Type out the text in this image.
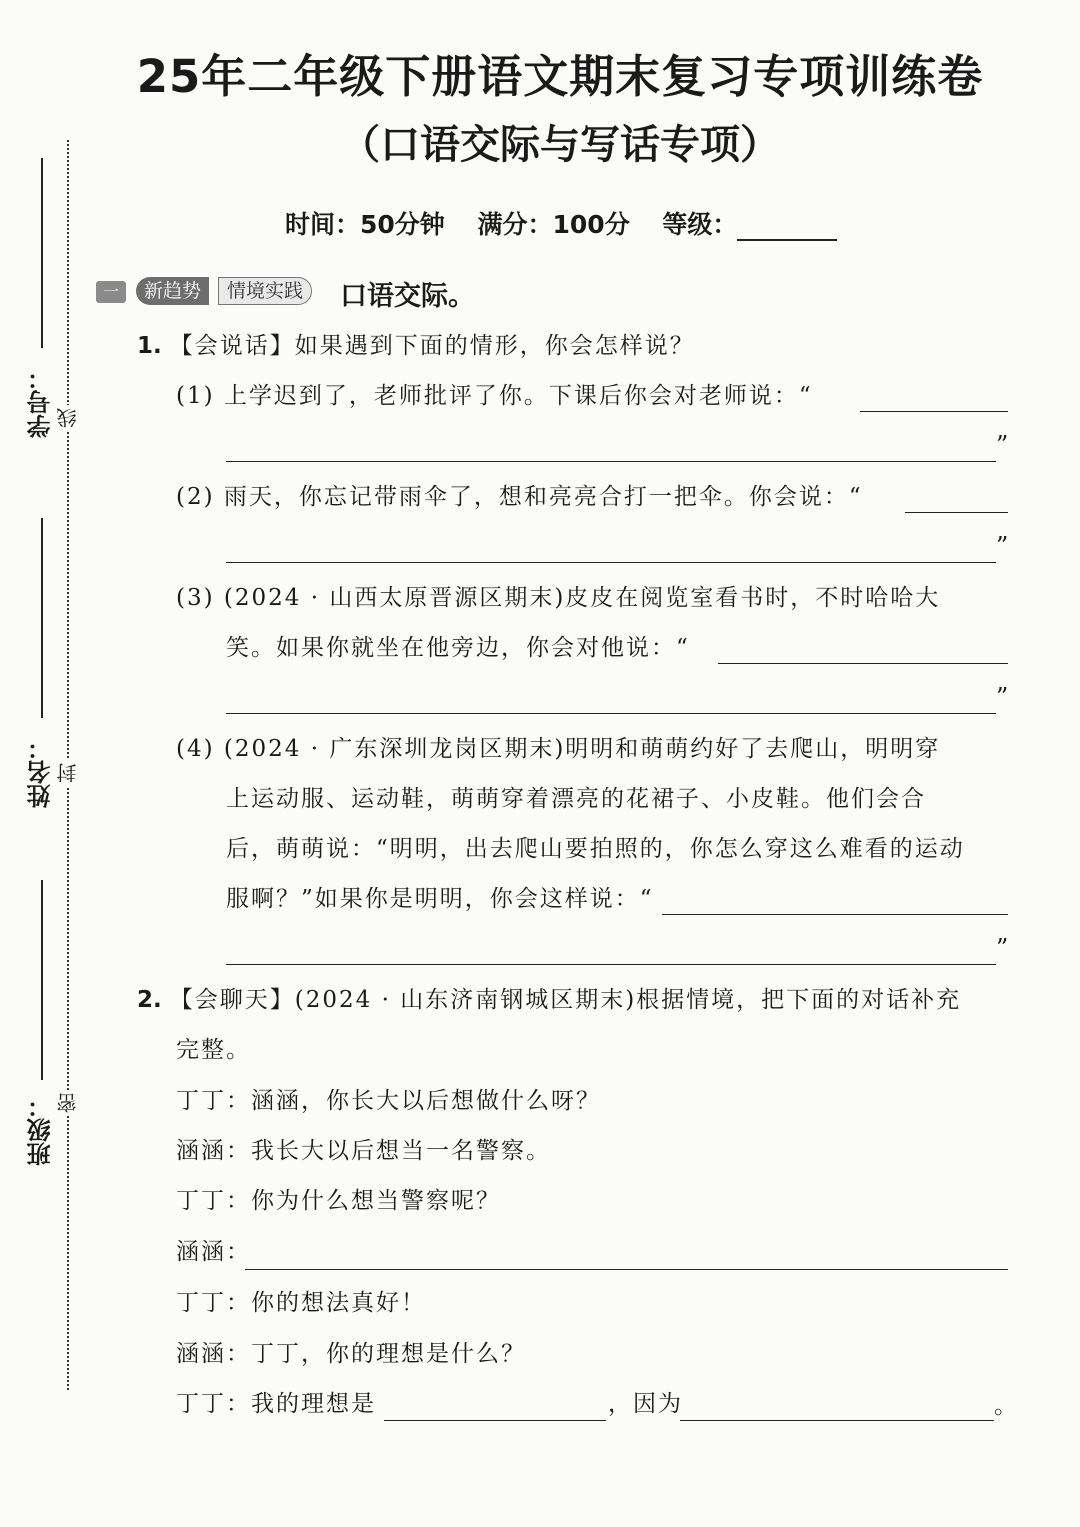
学号：
姓名：
班级：
线
封
密
25年二年级下册语文期末复习专项训练卷
（口语交际与写话专项）
时间：50分钟 满分：100分 等级：
一	新趋势	情境实践	口语交际。
1. 【会说话】如果遇到下面的情形，你会怎样说？
(1) 上学迟到了，老师批评了你。下课后你会对老师说：“
”
(2) 雨天，你忘记带雨伞了，想和亮亮合打一把伞。你会说：“
”
(3) (2024 · 山西太原晋源区期末)皮皮在阅览室看书时，不时哈哈大
笑。如果你就坐在他旁边，你会对他说：“
”
(4) (2024 · 广东深圳龙岗区期末)明明和萌萌约好了去爬山，明明穿
上运动服、运动鞋，萌萌穿着漂亮的花裙子、小皮鞋。他们会合
后，萌萌说：“明明，出去爬山要拍照的，你怎么穿这么难看的运动
服啊？”如果你是明明，你会这样说：“
”
2. 【会聊天】(2024 · 山东济南钢城区期末)根据情境，把下面的对话补充
完整。
丁丁：涵涵，你长大以后想做什么呀？
涵涵：我长大以后想当一名警察。
丁丁：你为什么想当警察呢？
涵涵：
丁丁：你的想法真好！
涵涵：丁丁，你的理想是什么？
丁丁：我的理想是	，因为	。
